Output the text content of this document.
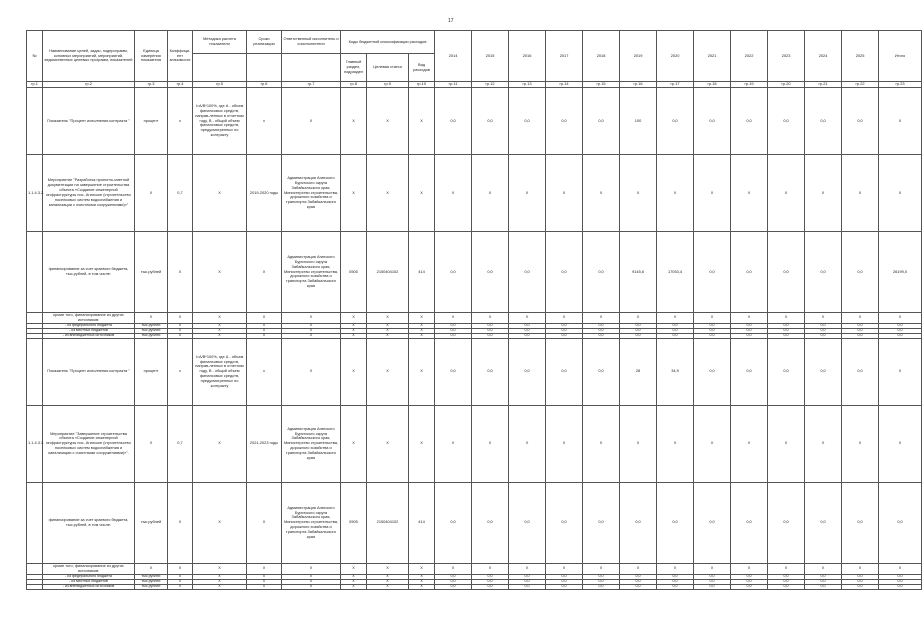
17
№	Наименование целей, задач, подпрограмм, основных мероприятий, мероприятий, ведомственных целевых программ, показателей	Единица измерения показателя	Коэффици-ент значимости	Методика расчета показателя	Сроки реализации	Ответственный исполнитель и соисполнители	Коды бюджетной классификации расходов			2014	2015	2016	2017	2018	2019	2020	2021	2022	2023	2024	2025	Итого
							Главный раздел, подраздел	Целевая статья	Вид расходов													
гр.1	гр.2	гр.3	гр.4	гр.5	гр.6	гр.7	гр.8	гр.9	гр.10	гр.11	гр.12	гр.13	гр.14	гр.15	гр.16	гр.17	гр.18	гр.19	гр.20	гр.21	гр.22	гр.23
	Показатель "Процент исполнения контракта "	процент	х	I=A/B*100%, где А - объем финансовых средств, направ-ленных в отчетном году, В - общий объем финансовых средств, предусмотренных по контракту	х	Х	Х	Х	Х	0,0	0,0	0,0	0,0	0,0	100	0,0	0,0	0,0	0,0	0,0	0,0	Х
1.1.4.3.2.	Мероприятие "Разработка проектно-сметной документации на завершение строительства объекта «Создание инженерной инфраструктуры пос. Агинское (строительство поселковых систем водоснабжения и канализации с очистными сооружениями)»"	Х	0,7	Х	2019-2020 годы	Администрация Агинского Бурятского округа Забайкальского края, Министерство строительства, дорожного хозяйства и транспорта Забайкальского края	Х	Х	Х	Х	Х	Х	Х	Х	Х	Х	Х	Х	Х	Х	Х	Х
	финансирование за счет краевого бюджета, тыс.рублей, в том числе:	тыс.рублей	Х	Х	Х	Администрация Агинского Бурятского округа Забайкальского края, Министерство строительства, дорожного хозяйства и транспорта Забайкальского края	0505	2150404102	414	0,0	0,0	0,0	0,0	0,0	9145,6	17053,4	0,0	0,0	0,0	0,0	0,0	26199,0
	кроме того, финансирование из других источников:	Х	Х	Х	Х	Х	Х	Х	Х	Х	Х	Х	Х	Х	Х	Х	Х	Х	Х	Х	Х	Х
	- из федерального бюджета	тыс.рублей	Х	Х	Х	Х	Х	Х	Х	0,0	0,0	0,0	0,0	0,0	0,0	0,0	0,0	0,0	0,0	0,0	0,0	0,0
	- из местных бюджетов	тыс.рублей	Х	Х	Х	Х	Х	Х	Х	0,0	0,0	0,0	0,0	0,0	0,0	0,0	0,0	0,0	0,0	0,0	0,0	0,0
	- из внебюджетных источников	тыс.рублей	Х	Х	Х	Х	Х	Х	Х	0,0	0,0	0,0	0,0	0,0	0,0	0,0	0,0	0,0	0,0	0,0	0,0	0,0
	Показатель "Процент исполнения контракта "	процент	х	I=A/B*100%, где А - объем финансовых средств, направ-ленных в отчетном году, В - общий объем финансовых средств, предусмотренных по контракту	х	Х	Х	Х	Х	0,0	0,0	0,0	0,0	0,0	28	34,9	0,0	0,0	0,0	0,0	0,0	Х
1.1.4.3.3.	Мероприятие "Завершение строительства объекта «Создание инженерной инфраструктуры пос. Агинское (строительство поселковых систем водоснабжения и канализации с очистными сооружениями)»".	Х	0,7	Х	2021-2023 годы	Администрация Агинского Бурятского округа Забайкальского края, Министерство строительства, дорожного хозяйства и транспорта Забайкальского края	Х	Х	Х	Х	Х	Х	Х	Х	Х	Х	Х	Х	Х	Х	Х	Х
	финансирование за счет краевого бюджета, тыс.рублей, в том числе:	тыс.рублей	Х	Х	Х	Администрация Агинского Бурятского округа Забайкальского края, Министерство строительства, дорожного хозяйства и транспорта Забайкальского края	0505	2150404102	414	0,0	0,0	0,0	0,0	0,0	0,0	0,0	0,0	0,0	0,0	0,0	0,0	0,0
	кроме того, финансирование из других источников:	Х	Х	Х	Х	Х	Х	Х	Х	Х	Х	Х	Х	Х	Х	Х	Х	Х	Х	Х	Х	Х
	- из федерального бюджета	тыс.рублей	Х	Х	Х	Х	Х	Х	Х	0,0	0,0	0,0	0,0	0,0	0,0	0,0	0,0	0,0	0,0	0,0	0,0	0,0
	- из местных бюджетов	тыс.рублей	Х	Х	Х	Х	Х	Х	Х	0,0	0,0	0,0	0,0	0,0	0,0	0,0	0,0	0,0	0,0	0,0	0,0	0,0
	- из внебюджетных источников	тыс.рублей	Х	Х	Х	Х	Х	Х	Х	0,0	0,0	0,0	0,0	0,0	0,0	0,0	0,0	0,0	0,0	0,0	0,0	0,0
